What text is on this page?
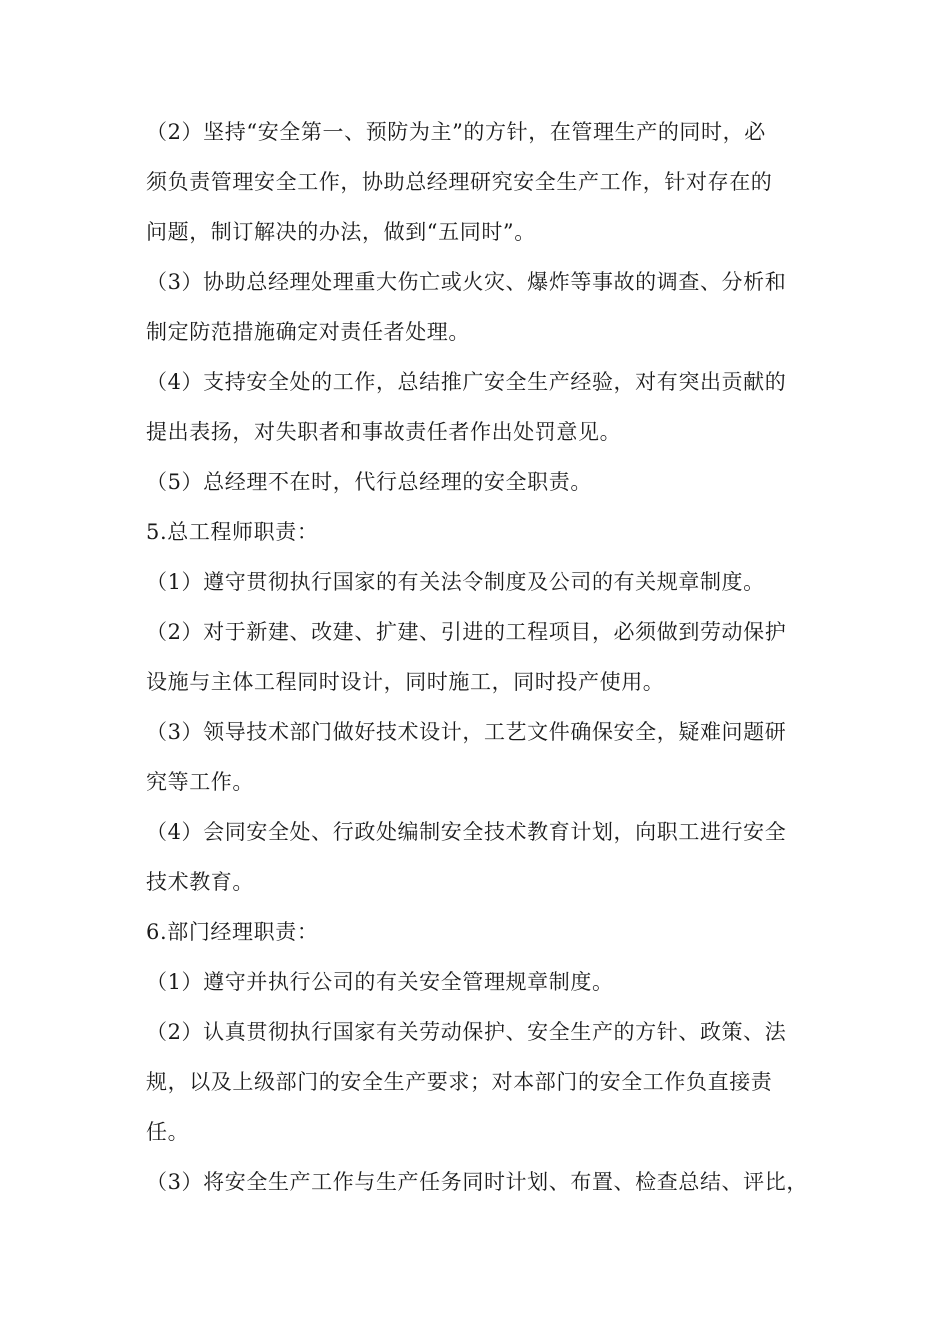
（2）坚持“安全第一、预防为主”的方针，在管理生产的同时，必
须负责管理安全工作，协助总经理研究安全生产工作，针对存在的
问题，制订解决的办法，做到“五同时”。
（3）协助总经理处理重大伤亡或火灾、爆炸等事故的调查、分析和
制定防范措施确定对责任者处理。
（4）支持安全处的工作，总结推广安全生产经验，对有突出贡献的
提出表扬，对失职者和事故责任者作出处罚意见。
（5）总经理不在时，代行总经理的安全职责。
5.总工程师职责：
（1）遵守贯彻执行国家的有关法令制度及公司的有关规章制度。
（2）对于新建、改建、扩建、引进的工程项目，必须做到劳动保护
设施与主体工程同时设计，同时施工，同时投产使用。
（3）领导技术部门做好技术设计，工艺文件确保安全，疑难问题研
究等工作。
（4）会同安全处、行政处编制安全技术教育计划，向职工进行安全
技术教育。
6.部门经理职责：
（1）遵守并执行公司的有关安全管理规章制度。
（2）认真贯彻执行国家有关劳动保护、安全生产的方针、政策、法
规，以及上级部门的安全生产要求；对本部门的安全工作负直接责
任。
（3）将安全生产工作与生产任务同时计划、布置、检查总结、评比，
